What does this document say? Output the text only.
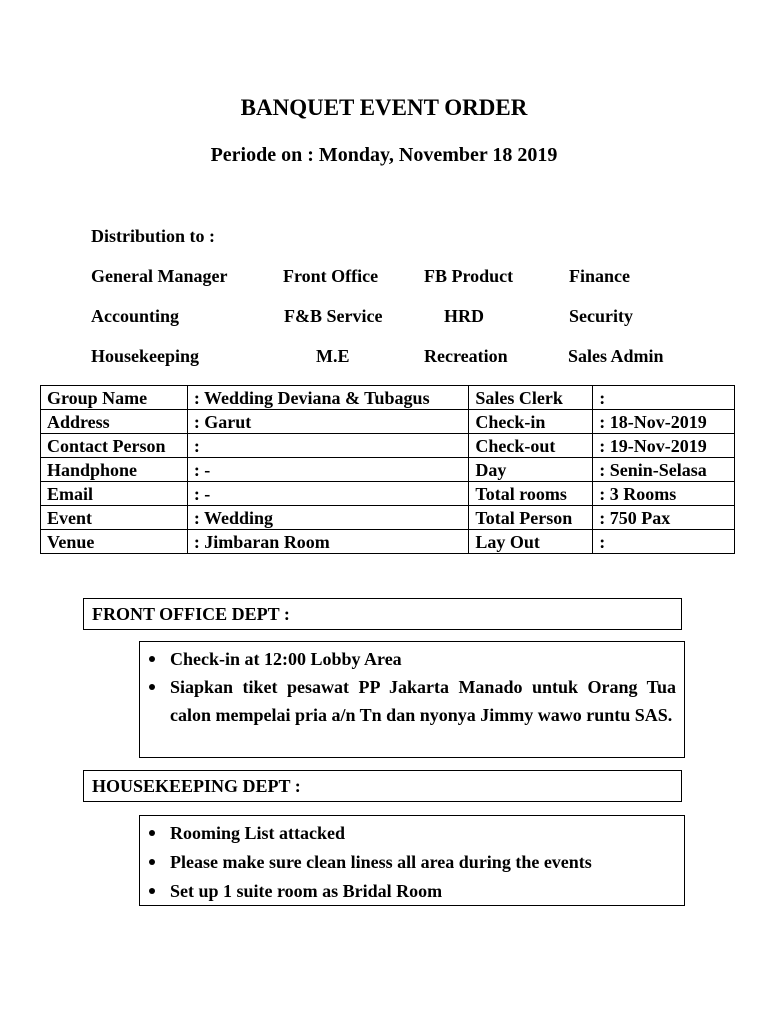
BANQUET EVENT ORDER
Periode on : Monday, November 18 2019
Distribution to :
General Manager	Front Office	FB Product	Finance
Accounting	F&B Service	HRD	Security
Housekeeping	M.E	Recreation	Sales Admin
Group Name	: Wedding Deviana & Tubagus	Sales Clerk	:
Address	: Garut	Check-in	: 18-Nov-2019
Contact Person	:	Check-out	: 19-Nov-2019
Handphone	: -	Day	: Senin-Selasa
Email	: -	Total rooms	: 3 Rooms
Event	: Wedding	Total Person	: 750 Pax
Venue	: Jimbaran Room	Lay Out	:
FRONT OFFICE DEPT :
Check-in at 12:00 Lobby Area
Siapkan tiket pesawat PP Jakarta Manado untuk Orang Tua calon mempelai pria a/n Tn dan nyonya Jimmy wawo runtu SAS.
HOUSEKEEPING DEPT :
Rooming List attacked
Please make sure clean liness all area during the events
Set up 1 suite room as Bridal Room
